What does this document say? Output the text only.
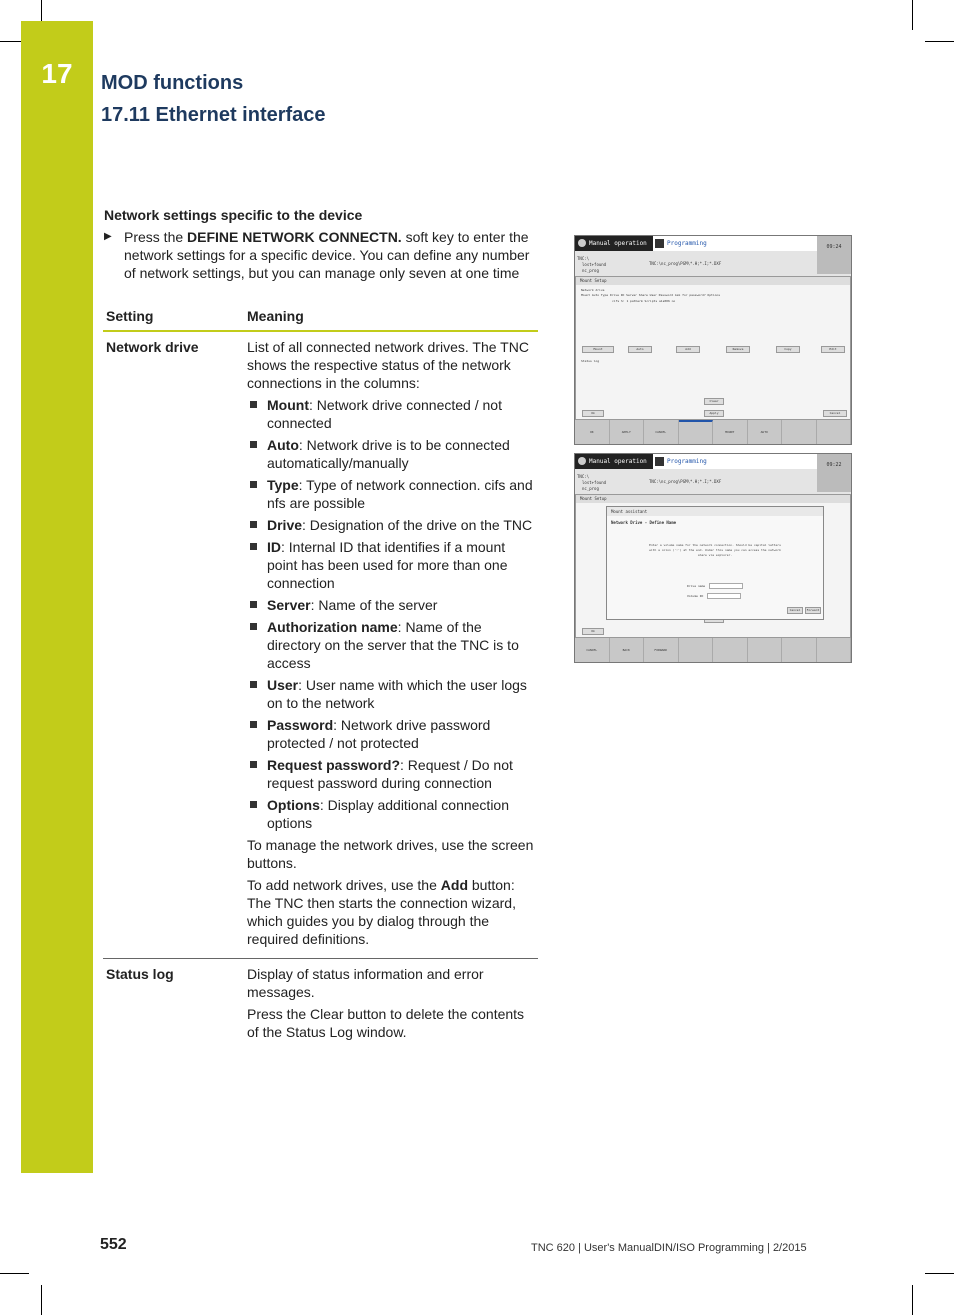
17	MOD functions
17.11 Ethernet interface
Network settings specific to the device
▶ Press the DEFINE NETWORK CONNECTN. soft key to enter the network settings for a specific device. You can define any number of network settings, but you can manage only seven at one time
Setting	Meaning
Network drive	List of all connected network drives. The TNC shows the respective status of the network connections in the columns:

Mount: Network drive connected / not connected
Auto: Network drive is to be connected automatically/manually
Type: Type of network connection. cifs and nfs are possible
Drive: Designation of the drive on the TNC
ID: Internal ID that identifies if a mount point has been used for more than one connection
Server: Name of the server
Authorization name: Name of the directory on the server that the TNC is to access
User: User name with which the user logs on to the network
Password: Network drive password protected / not protected
Request password?: Request / Do not request password during connection
Options: Display additional connection options

To manage the network drives, use the screen buttons.

To add network drives, use the Add button: The TNC then starts the connection wizard, which guides you by dialog through the required definitions.

Status log	Display of status information and error messages.

Press the Clear button to delete the contents of the Status Log window.

Manual operation	Programming	09:24
TNC:\
lost+found
nc_prog
TNC:\nc_prog\PGM\*.H;*.I;*.DXF
Mount Setup
Network drive
Mount Auto Type Drive ID Server Share User Password Ask for password? Options
cifs S: 1 patherm Scripts a1s006 no
Mount	Auto	Add	Remove	Copy	Edit
Status log
Clear
Ok	Apply	Cancel
OK	APPLY	CANCEL	MOUNT	AUTO
Manual operation	Programming	09:22
TNC:\
lost+found
nc_prog
TNC:\nc_prog\PGM\*.H;*.I;*.DXF
Mount Setup
Ok
Mount assistant
Network Drive - Define Name
Enter a volume name for the network connection. Should be capital letters with a colon (':') at the end. Under this name you can access the network share via explorer.
Drive name
Volume ID
Cancel	Forward
CANCEL	BACK	FORWARD
552	TNC 620 | User's ManualDIN/ISO Programming | 2/2015
